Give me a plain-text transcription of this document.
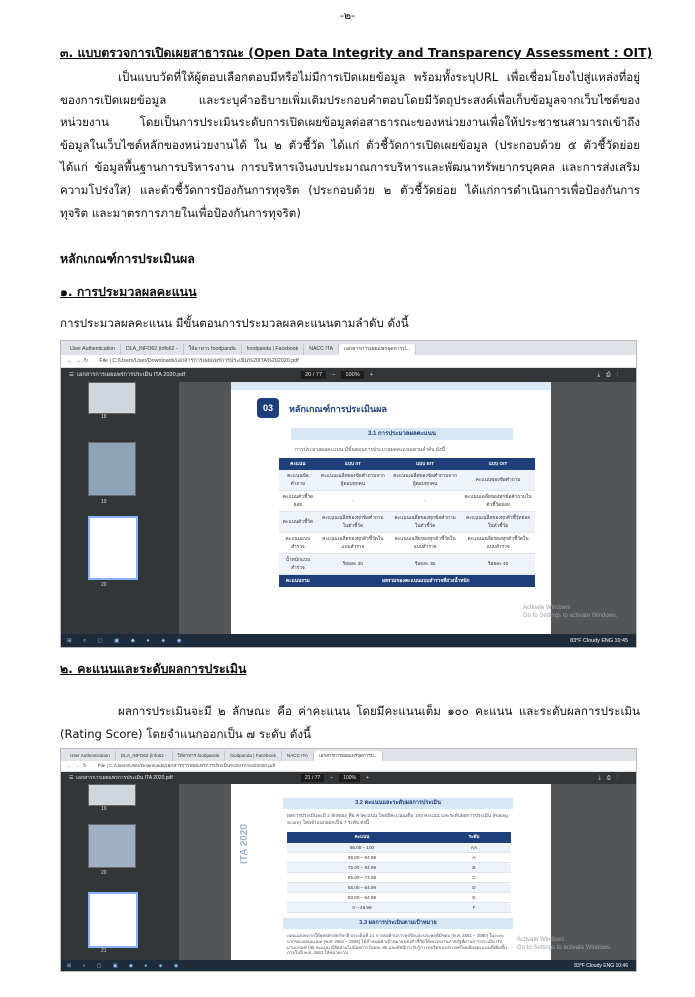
-๒-

๓. แบบตรวจการเปิดเผยสาธารณะ (Open Data Integrity and Transparency Assessment : OIT)

เป็นแบบวัดที่ให้ผู้ตอบเลือกตอบมีหรือไม่มีการเปิดเผยข้อมูล พร้อมทั้งระบุURL เพื่อเชื่อมโยงไปสู่แหล่งที่อยู่ของการเปิดเผยข้อมูล และระบุคำอธิบายเพิ่มเติมประกอบคำตอบโดยมีวัตถุประสงค์เพื่อเก็บข้อมูลจากเว็บไซต์ของหน่วยงาน โดยเป็นการประเมินระดับการเปิดเผยข้อมูลต่อสาธารณะของหน่วยงานเพื่อให้ประชาชนสามารถเข้าถึงข้อมูลในเว็บไซต์หลักของหน่วยงานได้ ใน ๒ ตัวชี้วัด ได้แก่ ตัวชี้วัดการเปิดเผยข้อมูล (ประกอบด้วย ๕ ตัวชี้วัดย่อย ได้แก่ ข้อมูลพื้นฐานการบริหารงาน การบริหารเงินงบประมาณการบริหารและพัฒนาทรัพยากรบุคคล และการส่งเสริมความโปร่งใส) และตัวชี้วัดการป้องกันการทุจริต (ประกอบด้วย ๒ ตัวชี้วัดย่อย ได้แก่การดำเนินการเพื่อป้องกันการทุจริต และมาตรการภายในเพื่อป้องกันการทุจริต)

หลักเกณฑ์การประเมินผล

๑. การประมวลผลคะแนน

การประมวลผลคะแนน มีขั้นตอนการประมวลผลคะแนนตามลำดับ ดังนี้

User Authentication	DLA_INFO62 (info62 -	ให้อาหาร foodpanda	foodpanda | Facebook	NACC ITA	เอกสารการเผยแพร่จุดการป...
←→↻ File | C:/Users/User/Downloads/เอกสารการเผยแพร่การประเมิน%20ITA%202020.pdf
☰ เอกสารการเผยแพร่การประเมิน ITA 2020.pdf	20 / 77	−	100%	+	⤓⎙⋮
18
19
20
03	หลักเกณฑ์การประเมินผล
3.1 การประมวลผลคะแนน
การประมวลผลคะแนน มีขั้นตอนการประมวลผลคะแนนตามลำดับ ดังนี้
คะแนน	แบบ IIT	แบบ EIT	แบบ OIT
คะแนนข้อคำถาม	คะแนนเฉลี่ยของข้อคำถามจากผู้ตอบทุกคน	คะแนนเฉลี่ยของข้อคำถามจากผู้ตอบทุกคน	คะแนนของข้อคำถาม
คะแนนตัวชี้วัดย่อย	-	-	คะแนนเฉลี่ยของทุกข้อคำถามในตัวชี้วัดย่อย
คะแนนตัวชี้วัด	คะแนนเฉลี่ยของทุกข้อคำถามในตัวชี้วัด	คะแนนเฉลี่ยของทุกข้อคำถามในตัวชี้วัด	คะแนนเฉลี่ยของทุกตัวชี้วัดย่อยในตัวชี้วัด
คะแนนแบบสำรวจ	คะแนนเฉลี่ยของทุกตัวชี้วัดในแบบสำรวจ	คะแนนเฉลี่ยของทุกตัวชี้วัดในแบบสำรวจ	คะแนนเฉลี่ยของทุกตัวชี้วัดในแบบสำรวจ
น้ำหนักแบบสำรวจ	ร้อยละ 30	ร้อยละ 30	ร้อยละ 40
คะแนนรวม	ผลรวมของคะแนนแบบสำรวจที่ถ่วงน้ำหนัก		
Activate Windows
Go to Settings to activate Windows.
⊞ ⌕ ▢ ▣ ◆ ● ◈ ◉	83°F Cloudy ENG 10:45

๒. คะแนนและระดับผลการประเมิน

ผลการประเมินจะมี ๒ ลักษณะ คือ ค่าคะแนน โดยมีคะแนนเต็ม ๑๐๐ คะแนน และระดับผลการประเมิน (Rating Score) โดยจำแนกออกเป็น ๗ ระดับ ดังนี้

User Authentication	DLA_INFO62 (info62 -	ให้อาหาร foodpanda	foodpanda | Facebook	NACC ITA	เอกสารการเผยแพร่จุดการป...
←→↻ File | C:/Users/User/Downloads/เอกสารการเผยแพร่การประเมิน%20ITA%202020.pdf
☰ เอกสารการเผยแพร่การประเมิน ITA 2020.pdf	21 / 77	−	100%	+	⤓⎙⋮
19
20
21
ITA 2020
3.2 คะแนนและระดับผลการประเมิน
ผลการประเมินจะมี 2 ลักษณะ คือ ค่าคะแนน โดยมีคะแนนเต็ม 100 คะแนน และระดับผลการประเมิน (Rating Score) โดยจำแนกออกเป็น 7 ระดับ ดังนี้
คะแนน	ระดับ
95.00 – 100	AA
85.00 – 94.99	A
75.00 – 84.99	B
65.00 – 74.99	C
55.00 – 64.99	D
50.00 – 54.99	E
0 – 49.99	F
3.3 ผลการประเมินตามเป้าหมาย
แผนแม่บทภายใต้ยุทธศาสตร์ชาติ ประเด็นที่ 21 การต่อต้านการทุจริตและประพฤติมิชอบ (พ.ศ. 2561 – 2580) ในระยะแรกของแผนแม่บท (พ.ศ. 2561 – 2565) ได้กำหนดค่าเป้าหมายของตัวชี้วัดให้หน่วยงานภาครัฐที่ผ่านการประเมิน ITA ผ่านเกณฑ์ (85 คะแนน มีสัดส่วนไม่น้อยกว่าร้อยละ 80 และดัชนีการรับรู้การทุจริตของประเทศไทยมีผลคะแนนที่เพิ่มขึ้น ภายในปี พ.ศ. 2563 ให้หน่วยงาน
Activate Windows
Go to Settings to activate Windows.
⊞ ⌕ ▢ ▣ ◆ ● ◈ ◉	83°F Cloudy ENG 10:46
